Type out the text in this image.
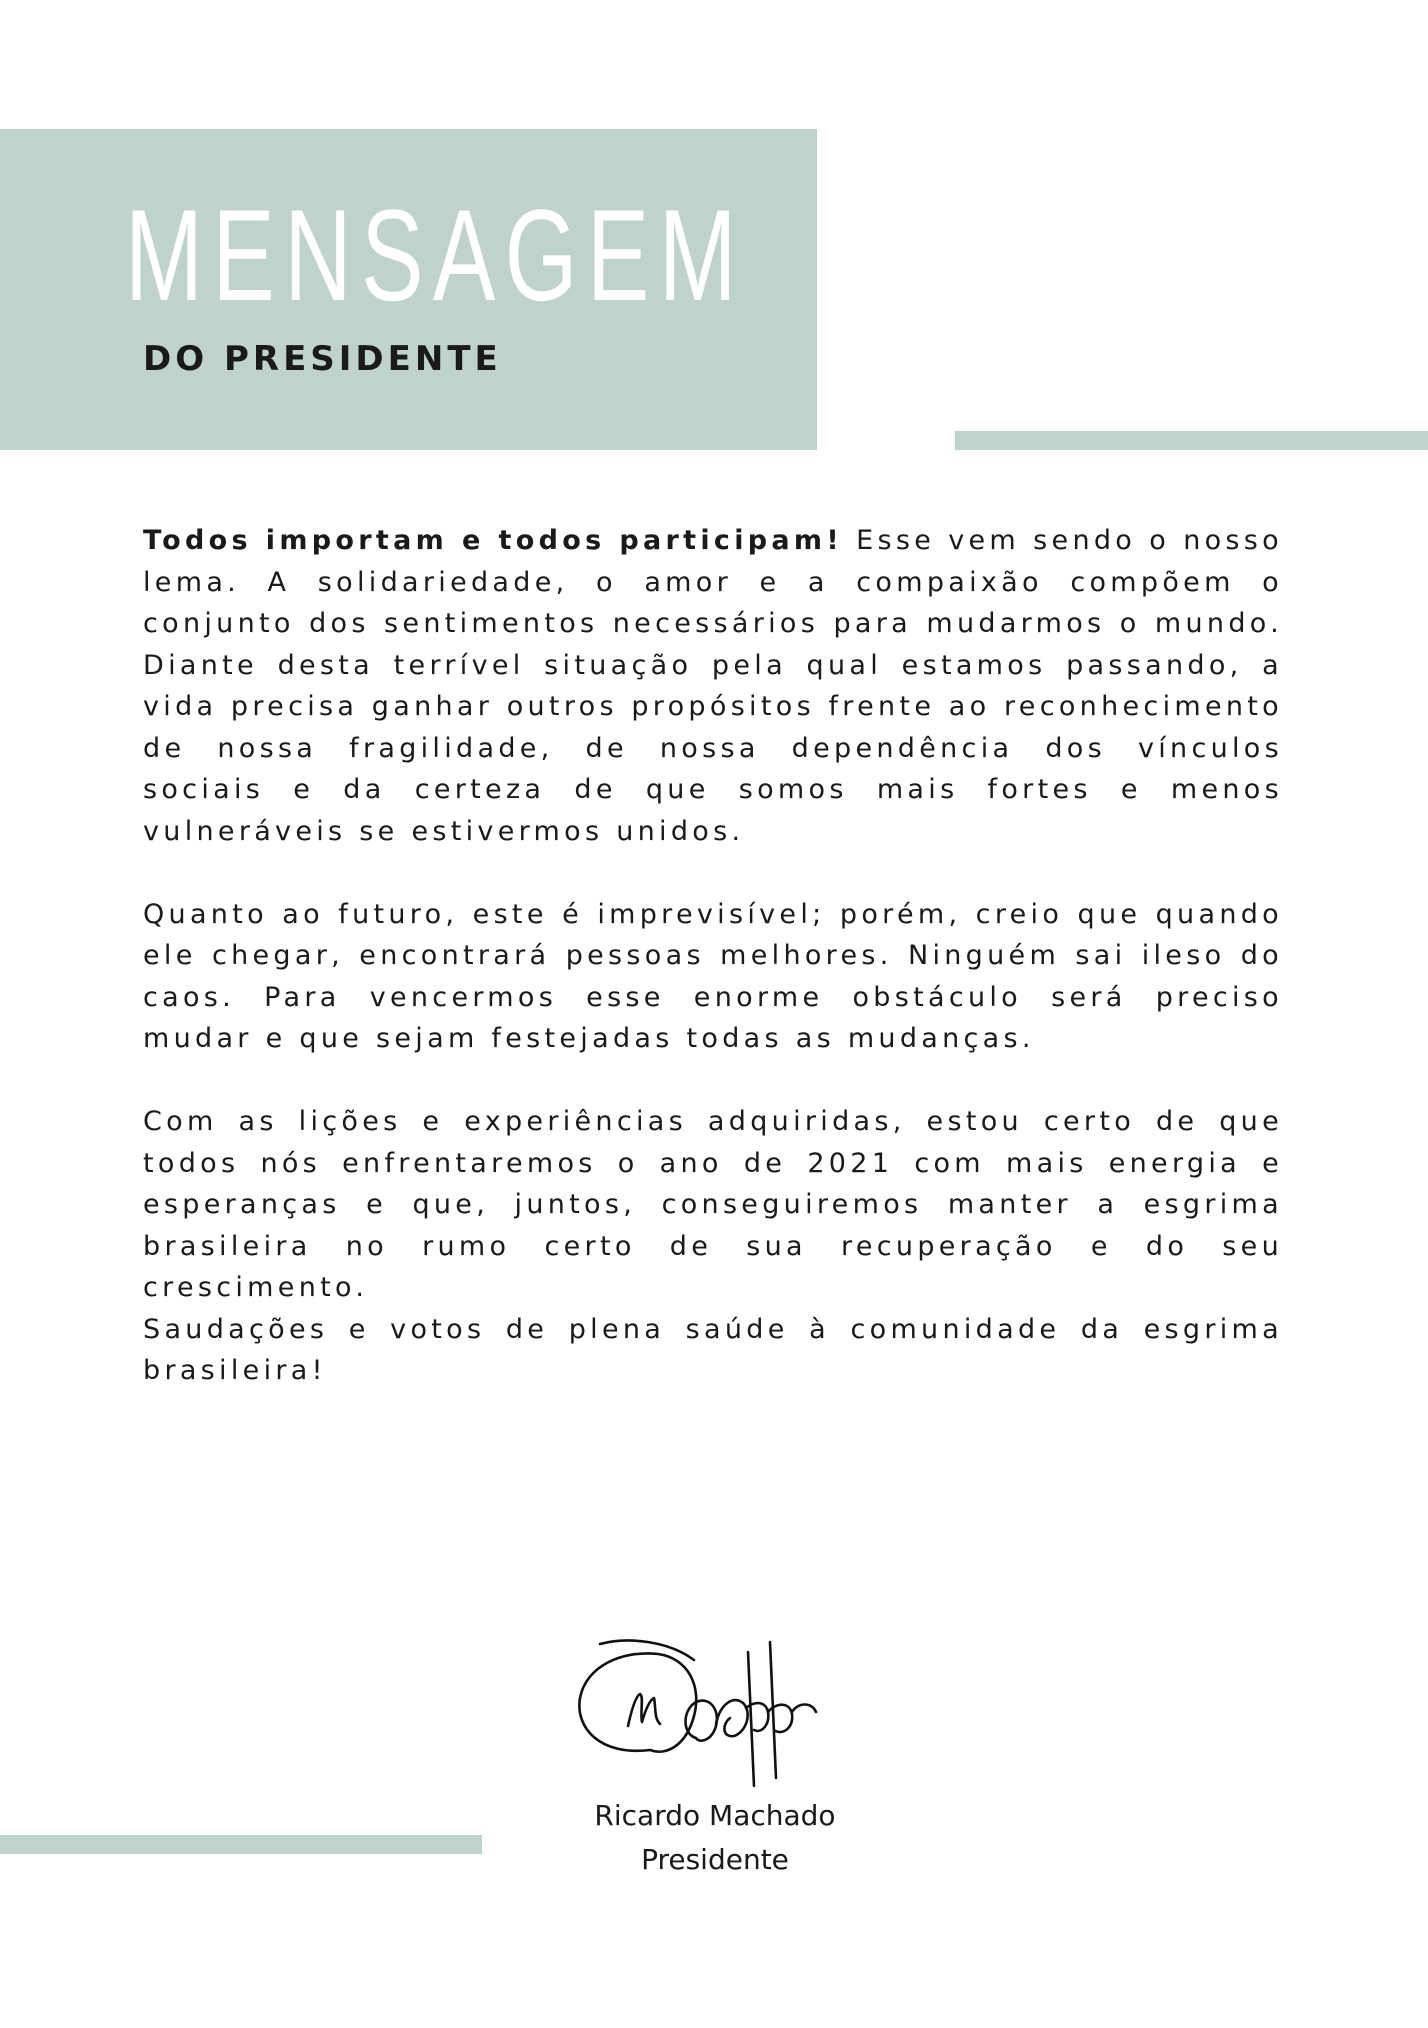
MENSAGEM
DO PRESIDENTE

Todos importam e todos participam! Esse vem sendo o nosso lema. A solidariedade, o amor e a compaixão compõem o conjunto dos sentimentos necessários para mudarmos o mundo. Diante desta terrível situação pela qual estamos passando, a vida precisa ganhar outros propósitos frente ao reconhecimento de nossa fragilidade, de nossa dependência dos vínculos sociais e da certeza de que somos mais fortes e menos vulneráveis se estivermos unidos.

Quanto ao futuro, este é imprevisível; porém, creio que quando ele chegar, encontrará pessoas melhores. Ninguém sai ileso do caos. Para vencermos esse enorme obstáculo será preciso mudar e que sejam festejadas todas as mudanças.

Com as lições e experiências adquiridas, estou certo de que todos nós enfrentaremos o ano de 2021 com mais energia e esperanças e que, juntos, conseguiremos manter a esgrima brasileira no rumo certo de sua recuperação e do seu crescimento.

Saudações e votos de plena saúde à comunidade da esgrima brasileira!

Ricardo Machado
Presidente
